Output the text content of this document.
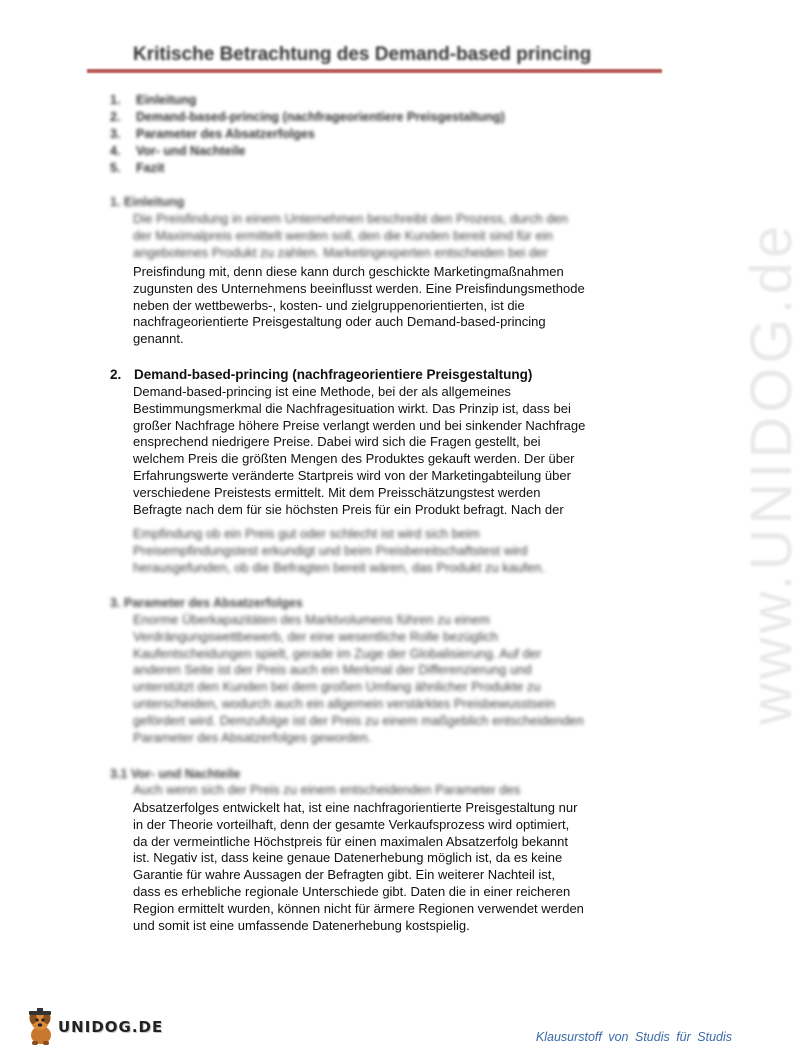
Kritische Betrachtung des Demand-based princing
1. Einleitung
2. Demand-based-princing (nachfrageorientiere Preisgestaltung)
3. Parameter des Absatzerfolges
4. Vor- und Nachteile
5. Fazit
1. Einleitung
Die Preisfindung in einem Unternehmen beschreibt den Prozess, durch den
der Maximalpreis ermittelt werden soll, den die Kunden bereit sind für ein
angebotenes Produkt zu zahlen. Marketingexperten entscheiden bei der
Preisfindung mit, denn diese kann durch geschickte Marketingmaßnahmen
zugunsten des Unternehmens beeinflusst werden. Eine Preisfindungsmethode
neben der wettbewerbs-, kosten- und zielgruppenorientierten, ist die
nachfrageorientierte Preisgestaltung oder auch Demand-based-princing
genannt.
2. Demand-based-princing (nachfrageorientiere Preisgestaltung)
Demand-based-princing ist eine Methode, bei der als allgemeines
Bestimmungsmerkmal die Nachfragesituation wirkt. Das Prinzip ist, dass bei
großer Nachfrage höhere Preise verlangt werden und bei sinkender Nachfrage
ensprechend niedrigere Preise. Dabei wird sich die Fragen gestellt, bei
welchem Preis die größten Mengen des Produktes gekauft werden. Der über
Erfahrungswerte veränderte Startpreis wird von der Marketingabteilung über
verschiedene Preistests ermittelt. Mit dem Preisschätzungstest werden
Befragte nach dem für sie höchsten Preis für ein Produkt befragt. Nach der
Empfindung ob ein Preis gut oder schlecht ist wird sich beim
Preisempfindungstest erkundigt und beim Preisbereitschaftstest wird
herausgefunden, ob die Befragten bereit wären, das Produkt zu kaufen.
3. Parameter des Absatzerfolges
Enorme Überkapazitäten des Marktvolumens führen zu einem
Verdrängungswettbewerb, der eine wesentliche Rolle bezüglich
Kaufentscheidungen spielt, gerade im Zuge der Globalisierung. Auf der
anderen Seite ist der Preis auch ein Merkmal der Differenzierung und
unterstützt den Kunden bei dem großen Umfang ähnlicher Produkte zu
unterscheiden, wodurch auch ein allgemein verstärktes Preisbewusstsein
gefördert wird. Demzufolge ist der Preis zu einem maßgeblich entscheidenden
Parameter des Absatzerfolges geworden.
3.1 Vor- und Nachteile
Auch wenn sich der Preis zu einem entscheidenden Parameter des
Absatzerfolges entwickelt hat, ist eine nachfragorientierte Preisgestaltung nur
in der Theorie vorteilhaft, denn der gesamte Verkaufsprozess wird optimiert,
da der vermeintliche Höchstpreis für einen maximalen Absatzerfolg bekannt
ist. Negativ ist, dass keine genaue Datenerhebung möglich ist, da es keine
Garantie für wahre Aussagen der Befragten gibt. Ein weiterer Nachteil ist,
dass es erhebliche regionale Unterschiede gibt. Daten die in einer reicheren
Region ermittelt wurden, können nicht für ärmere Regionen verwendet werden
und somit ist eine umfassende Datenerhebung kostspielig.
www.UNIDOG.de
UNIDOG.DE
Klausurstoff von Studis für Studis
